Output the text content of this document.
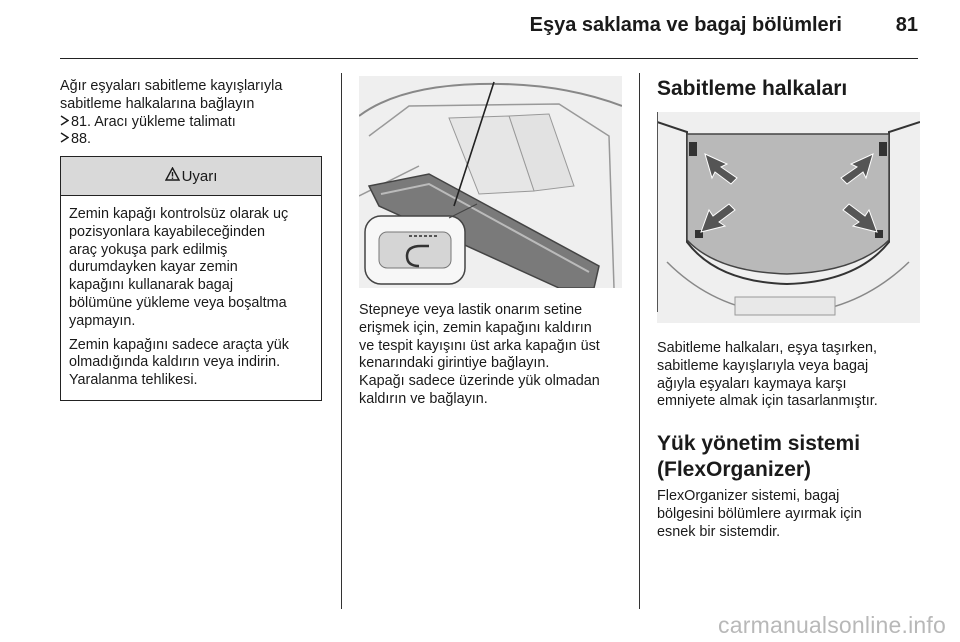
Eşya saklama ve bagaj bölümleri	81

Ağır eşyaları sabitleme kayışlarıyla

sabitleme halkalarına bağlayın

81. Aracı yükleme talimatı

88.

Uyarı

Zemin kapağı kontrolsüz olarak uç
pozisyonlara kayabileceğinden
araç yokuşa park edilmiş
durumdayken kayar zemin
kapağını kullanarak bagaj
bölümüne yükleme veya boşaltma
yapmayın.

Zemin kapağını sadece araçta yük
olmadığında kaldırın veya indirin.
Yaralanma tehlikesi.

Stepneye veya lastik onarım setine

erişmek için, zemin kapağını kaldırın

ve tespit kayışını üst arka kapağın üst

kenarındaki girintiye bağlayın.

Kapağı sadece üzerinde yük olmadan

kaldırın ve bağlayın.

Sabitleme halkaları

Sabitleme halkaları, eşya taşırken,

sabitleme kayışlarıyla veya bagaj

ağıyla eşyaları kaymaya karşı

emniyete almak için tasarlanmıştır.

Yük yönetim sistemi
(FlexOrganizer)

FlexOrganizer sistemi, bagaj

bölgesini bölümlere ayırmak için

esnek bir sistemdir.

carmanualsonline.info
